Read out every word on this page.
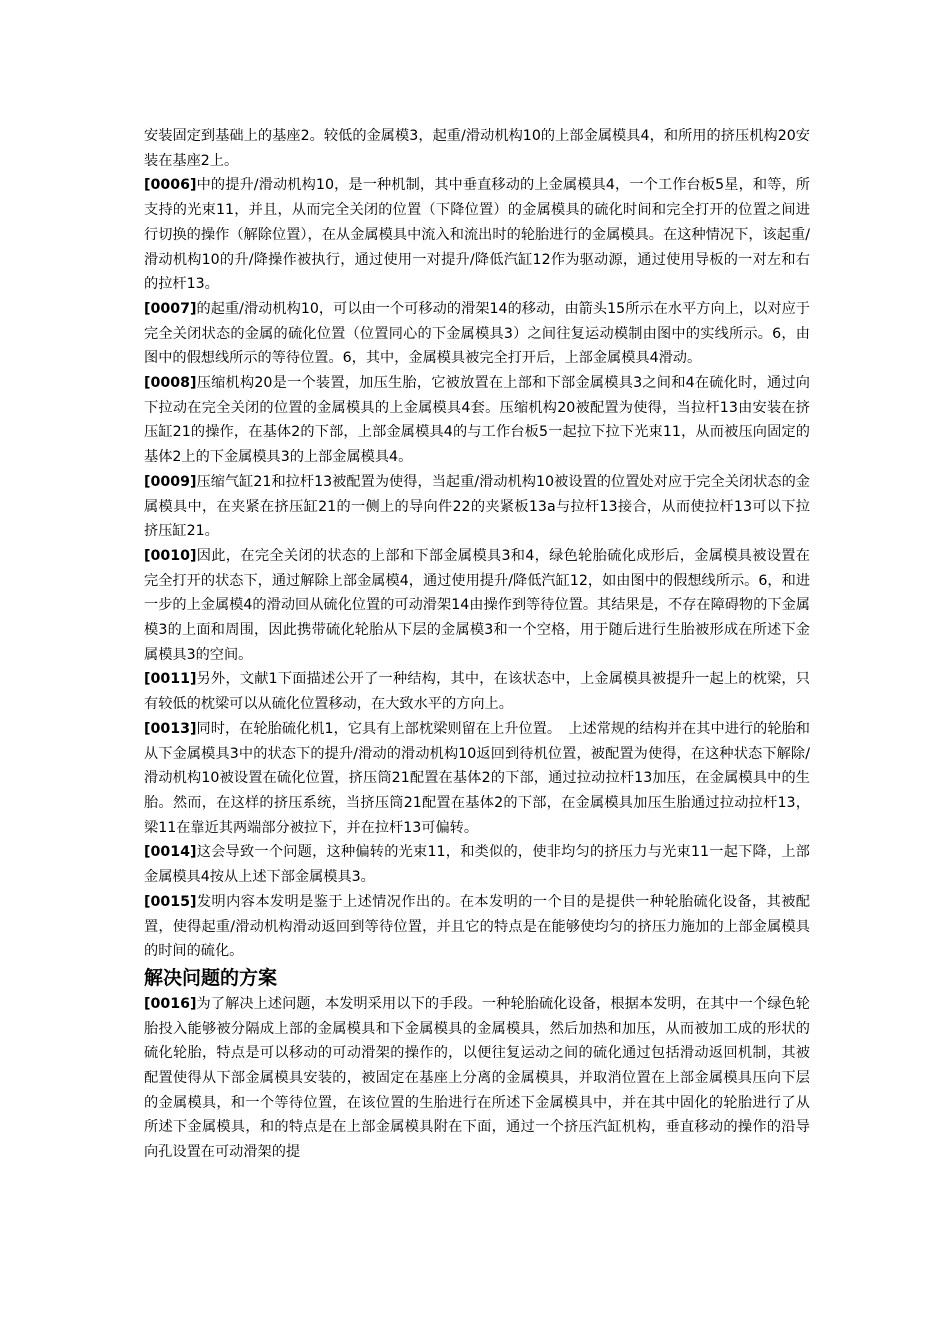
安装固定到基础上的基座2。较低的金属模3，起重/滑动机构10的上部金属模具4，和所用的挤压机构20安装在基座2上。

[0006]中的提升/滑动机构10，是一种机制，其中垂直移动的上金属模具4，一个工作台板5星，和等，所支持的光束11，并且，从而完全关闭的位置（下降位置）的金属模具的硫化时间和完全打开的位置之间进行切换的操作（解除位置），在从金属模具中流入和流出时的轮胎进行的金属模具。在这种情况下，该起重/滑动机构10的升/降操作被执行，通过使用一对提升/降低汽缸12作为驱动源，通过使用导板的一对左和右的拉杆13。

[0007]的起重/滑动机构10，可以由一个可移动的滑架14的移动，由箭头15所示在水平方向上，以对应于完全关闭状态的金属的硫化位置（位置同心的下金属模具3）之间往复运动模制由图中的实线所示。6，由图中的假想线所示的等待位置。6，其中，金属模具被完全打开后，上部金属模具4滑动。

[0008]压缩机构20是一个装置，加压生胎，它被放置在上部和下部金属模具3之间和4在硫化时，通过向下拉动在完全关闭的位置的金属模具的上金属模具4套。压缩机构20被配置为使得，当拉杆13由安装在挤压缸21的操作，在基体2的下部，上部金属模具4的与工作台板5一起拉下拉下光束11，从而被压向固定的基体2上的下金属模具3的上部金属模具4。

[0009]压缩气缸21和拉杆13被配置为使得，当起重/滑动机构10被设置的位置处对应于完全关闭状态的金属模具中，在夹紧在挤压缸21的一侧上的导向件22的夹紧板13a与拉杆13接合，从而使拉杆13可以下拉挤压缸21。

[0010]因此，在完全关闭的状态的上部和下部金属模具3和4，绿色轮胎硫化成形后，金属模具被设置在完全打开的状态下，通过解除上部金属模4，通过使用提升/降低汽缸12，如由图中的假想线所示。6，和进一步的上金属模4的滑动回从硫化位置的可动滑架14由操作到等待位置。其结果是，不存在障碍物的下金属模3的上面和周围，因此携带硫化轮胎从下层的金属模3和一个空格，用于随后进行生胎被形成在所述下金属模具3的空间。

[0011]另外，文献1下面描述公开了一种结构，其中，在该状态中，上金属模具被提升一起上的枕梁，只有较低的枕梁可以从硫化位置移动，在大致水平的方向上。

[0013]同时，在轮胎硫化机1，它具有上部枕梁则留在上升位置。　上述常规的结构并在其中进行的轮胎和从下金属模具3中的状态下的提升/滑动的滑动机构10返回到待机位置，被配置为使得，在这种状态下解除/滑动机构10被设置在硫化位置，挤压筒21配置在基体2的下部，通过拉动拉杆13加压，在金属模具中的生胎。然而，在这样的挤压系统，当挤压筒21配置在基体2的下部，在金属模具加压生胎通过拉动拉杆13，梁11在靠近其两端部分被拉下，并在拉杆13可偏转。

[0014]这会导致一个问题，这种偏转的光束11，和类似的，使非均匀的挤压力与光束11一起下降，上部金属模具4按从上述下部金属模具3。

[0015]发明内容本发明是鉴于上述情况作出的。在本发明的一个目的是提供一种轮胎硫化设备，其被配置，使得起重/滑动机构滑动返回到等待位置，并且它的特点是在能够使均匀的挤压力施加的上部金属模具的时间的硫化。

解决问题的方案

[0016]为了解决上述问题，本发明采用以下的手段。一种轮胎硫化设备，根据本发明，在其中一个绿色轮胎投入能够被分隔成上部的金属模具和下金属模具的金属模具，然后加热和加压，从而被加工成的形状的硫化轮胎，特点是可以移动的可动滑架的操作的，以便往复运动之间的硫化通过包括滑动返回机制，其被配置使得从下部金属模具安装的，被固定在基座上分离的金属模具，并取消位置在上部金属模具压向下层的金属模具，和一个等待位置，在该位置的生胎进行在所述下金属模具中，并在其中固化的轮胎进行了从所述下金属模具，和的特点是在上部金属模具附在下面，通过一个挤压汽缸机构，垂直移动的操作的沿导向孔设置在可动滑架的提
